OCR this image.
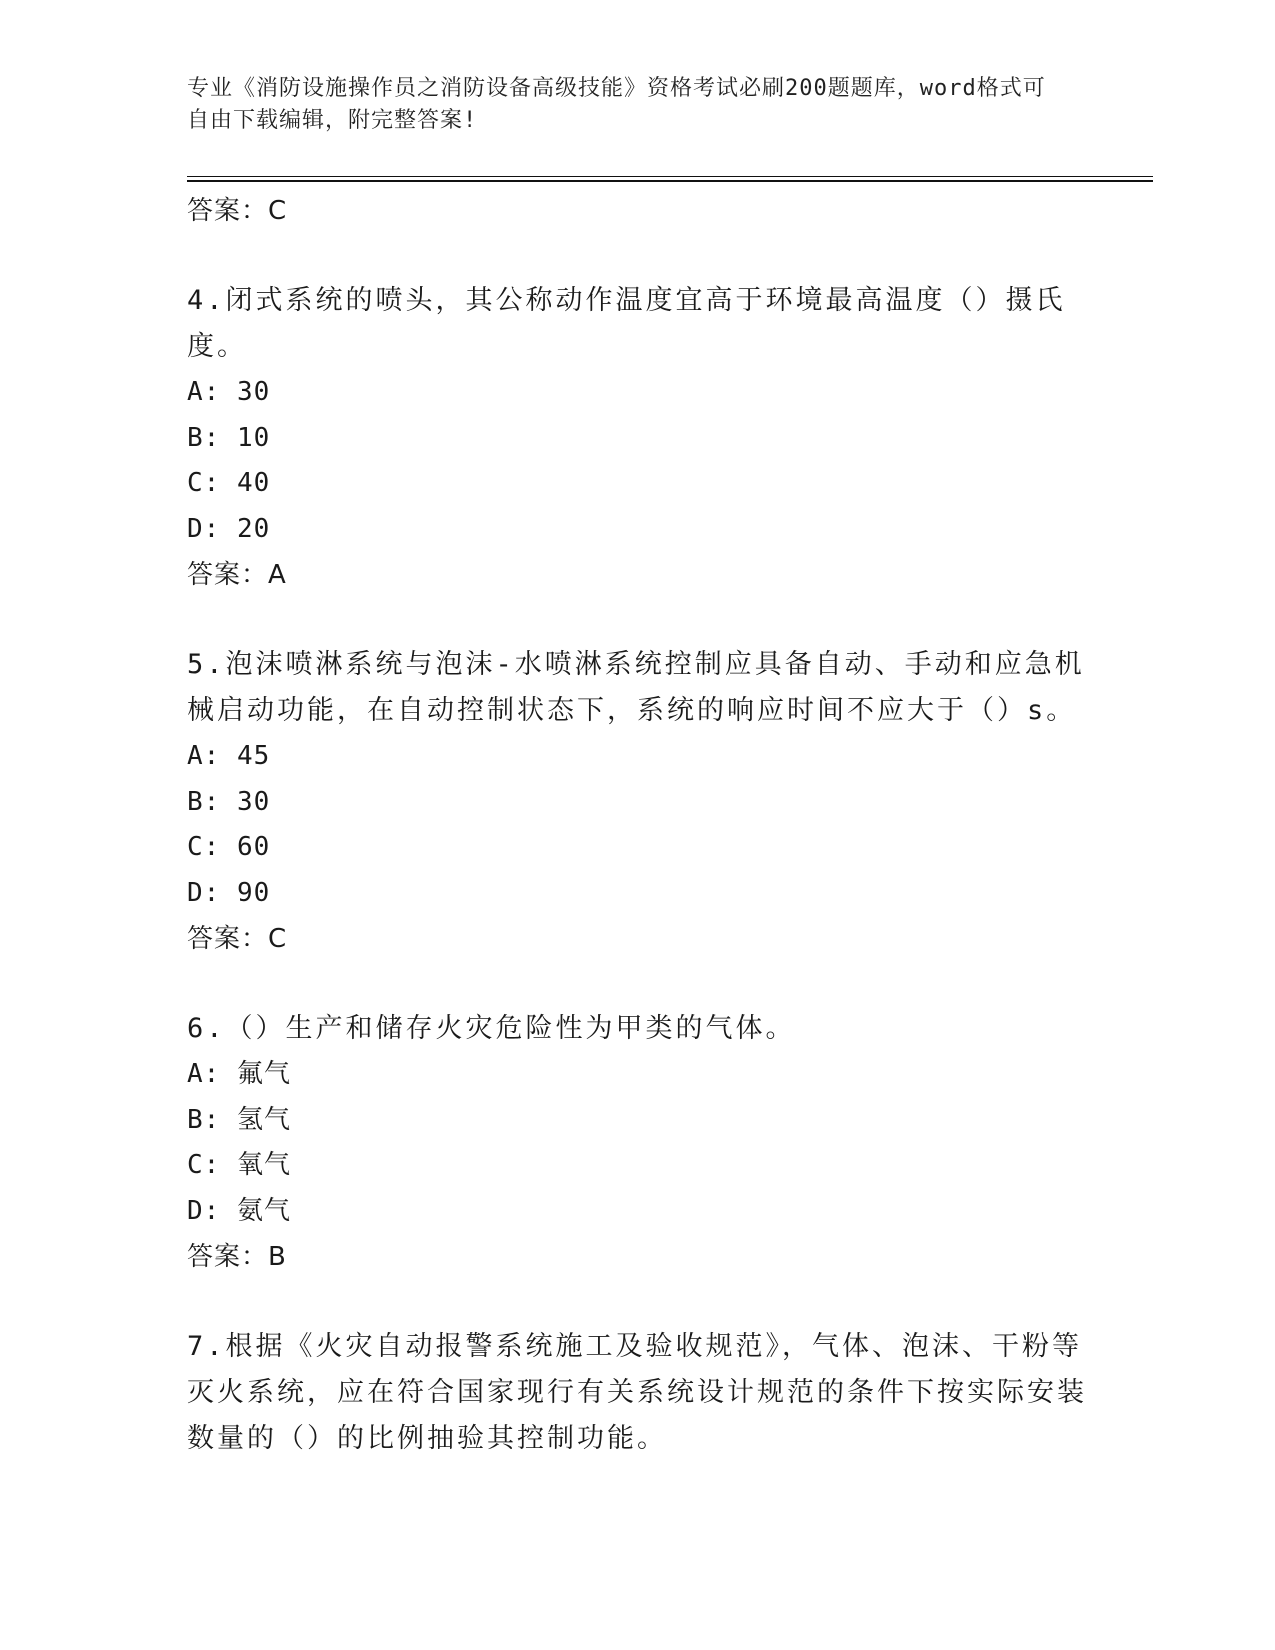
专业《消防设施操作员之消防设备高级技能》资格考试必刷200题题库，word格式可自由下载编辑，附完整答案!
答案：C
4.闭式系统的喷头，其公称动作温度宜高于环境最高温度（）摄氏度。
A: 30
B: 10
C: 40
D: 20
答案：A
5.泡沫喷淋系统与泡沫-水喷淋系统控制应具备自动、手动和应急机械启动功能，在自动控制状态下，系统的响应时间不应大于（）s。
A: 45
B: 30
C: 60
D: 90
答案：C
6.（）生产和储存火灾危险性为甲类的气体。
A: 氟气
B: 氢气
C: 氧气
D: 氨气
答案：B
7.根据《火灾自动报警系统施工及验收规范》，气体、泡沫、干粉等灭火系统，应在符合国家现行有关系统设计规范的条件下按实际安装数量的（）的比例抽验其控制功能。
